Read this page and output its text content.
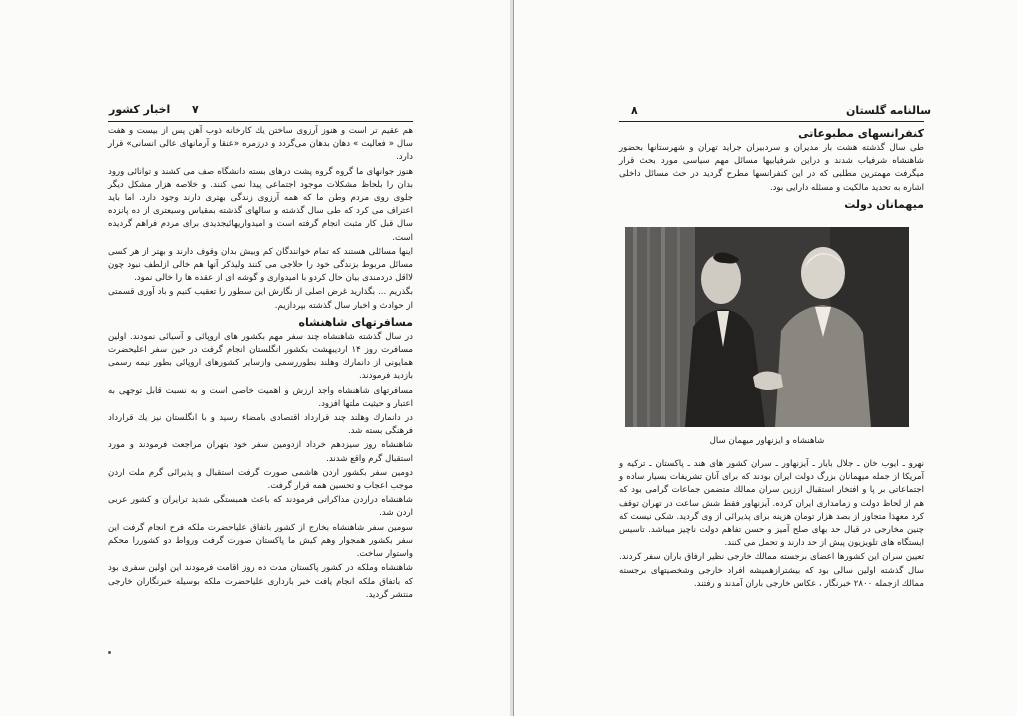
۷
اخبار کشور

هم عقیم تر است و هنوز آرزوی ساختن یك كارخانه ذوب آهن پس از بیست و هفت سال « فعالیت » دهان بدهان می‌گردد و درزمره «عنقا و آرمانهای عالی انسانی» قرار دارد.

هنوز جوانهای ما گروه گروه پشت درهای بسته دانشگاه صف می كشند و توانائی ورود بدان را بلحاظ مشكلات موجود اجتماعی پیدا نمی كنند. و خلاصه هزار مشكل دیگر جلوی روی مردم وطن ما كه همه آرزوی زندگی بهتری دارند وجود دارد. اما باید اعتراف می كرد كه طی سال گذشته و سالهای گذشته بمقیاس وسیعتری از ده پانزده سال قبل كار مثبت انجام گرفته است و امیدواریهائیجدیدی برای مردم فراهم گردیده است.

اینها مسائلی هستند كه تمام خوانندگان كم وبیش بدان وقوف دارند و بهتر از هر كسی مسائل مربوط بزندگی خود را حلاجی می كنند ولیذكر آنها هم خالی ازلطف نبود چون لااقل دردمندی بیان حال كردو با امیدواری و گوشه ای از عقده ها را خالی نمود.

بگذریم ... بگذارید غرض اصلی از نگارش این سطور را تعقیب كنیم و باد آوری قسمتی از حوادث و اخبار سال گذشته بپردازیم.

مسافرتهای شاهنشاه

در سال گذشته شاهنشاه چند سفر مهم بكشور های اروپائی و آسیائی نمودند. اولین مسافرت روز ۱۴ اردیبهشت بكشور انگلستان انجام گرفت در حین سفر اعلیحضرت همایونی از دانمارك وهلند بطوررسمی وازسایر كشورهای اروپائی بطور نیمه رسمی بازدید فرمودند.

مسافرتهای شاهنشاه واجد ارزش و اهمیت خاصی است و به نسبت قابل توجهی به اعتبار و حیثیت ملتها افزود.

در دانمارك وهلند چند قرارداد اقتصادی بامضاء رسید و با انگلستان نیز یك قرارداد فرهنگی بسته شد.

شاهنشاه روز سیزدهم خرداد ازدومین سفر خود بتهران مراجعت فرمودند و مورد استقبال گرم واقع شدند.

دومین سفر بكشور اردن هاشمی صورت گرفت استقبال و پذیرائی گرم ملت اردن موجب اعجاب و تحسین همه قرار گرفت.

شاهنشاه دراردن مداكراتی فرمودند كه باعث همبستگی شدید ترایران و كشور عربی اردن شد.

سومین سفر شاهنشاه بخارج از كشور باتفاق علیاحضرت ملكه فرح انجام گرفت این سفر بكشور همجوار وهم كیش ما پاكستان صورت گرفت ورواط دو كشوررا محكم واستوار ساخت.

شاهنشاه وملكه در كشور پاكستان مدت ده روز اقامت فرمودند این اولین سفری بود كه باتفاق ملكه انجام یافت خبر بارداری علیاحضرت ملكه بوسیله خبرنگاران خارجی منتشر گردید.

سالنامه گلستان
۸
كنفرانسهای مطبوعاتی

طی سال گذشته هشت بار مدیران و سردبیران جراید تهران و شهرستانها بحضور شاهنشاه شرفیاب شدند و دراین شرفیابیها مسائل مهم سیاسی مورد بحث قرار میگرفت مهمترین مطلبی كه در این كنفرانسها مطرح گردید در حث مسائل داخلی اشاره به تحدید مالكیت و مسئله دارایی بود.

میهمانان دولت
شاهنشاه و ایزنهاور میهمان سال

نهرو ـ ایوب خان ـ جلال بایار ـ آیزنهاور ـ سران كشور های هند ـ پاكستان ـ تركیه و آمریكا از جمله میهمانان بزرگ دولت ایران بودند كه برای آنان تشریفات بسیار ساده و اجتماعاتی بر پا و افتخار استقبال اززین سران ممالك متضمن جماعات گرامی بود كه هم از لحاظ دولت و زمامداری ایران كرده. آیزنهاور فقط شش ساعت در تهران توقف كرد معهذا متجاوز از بصد هزار تومان هزینه برای پذیرائی از وی گردید. شكی نیست كه چنین مخارجی در قبال حد بهای صلح آمیز و حسن تفاهم دولت ناچیز میباشد. تاسیس ایستگاه های تلویزیون پیش از حد دارند و تحمل می كنند.

تعیین سران این كشورها اعضای برجسته ممالك خارجی نظیر ارفاق باران سفر كردند. سال گذشته اولین سالی بود كه بیشترازهمیشه افراد خارجی وشخصیتهای برجسته ممالك ازجمله ۲۸۰۰ خبرنگار ، عكاس خارجی باران آمدند و رفتند.
